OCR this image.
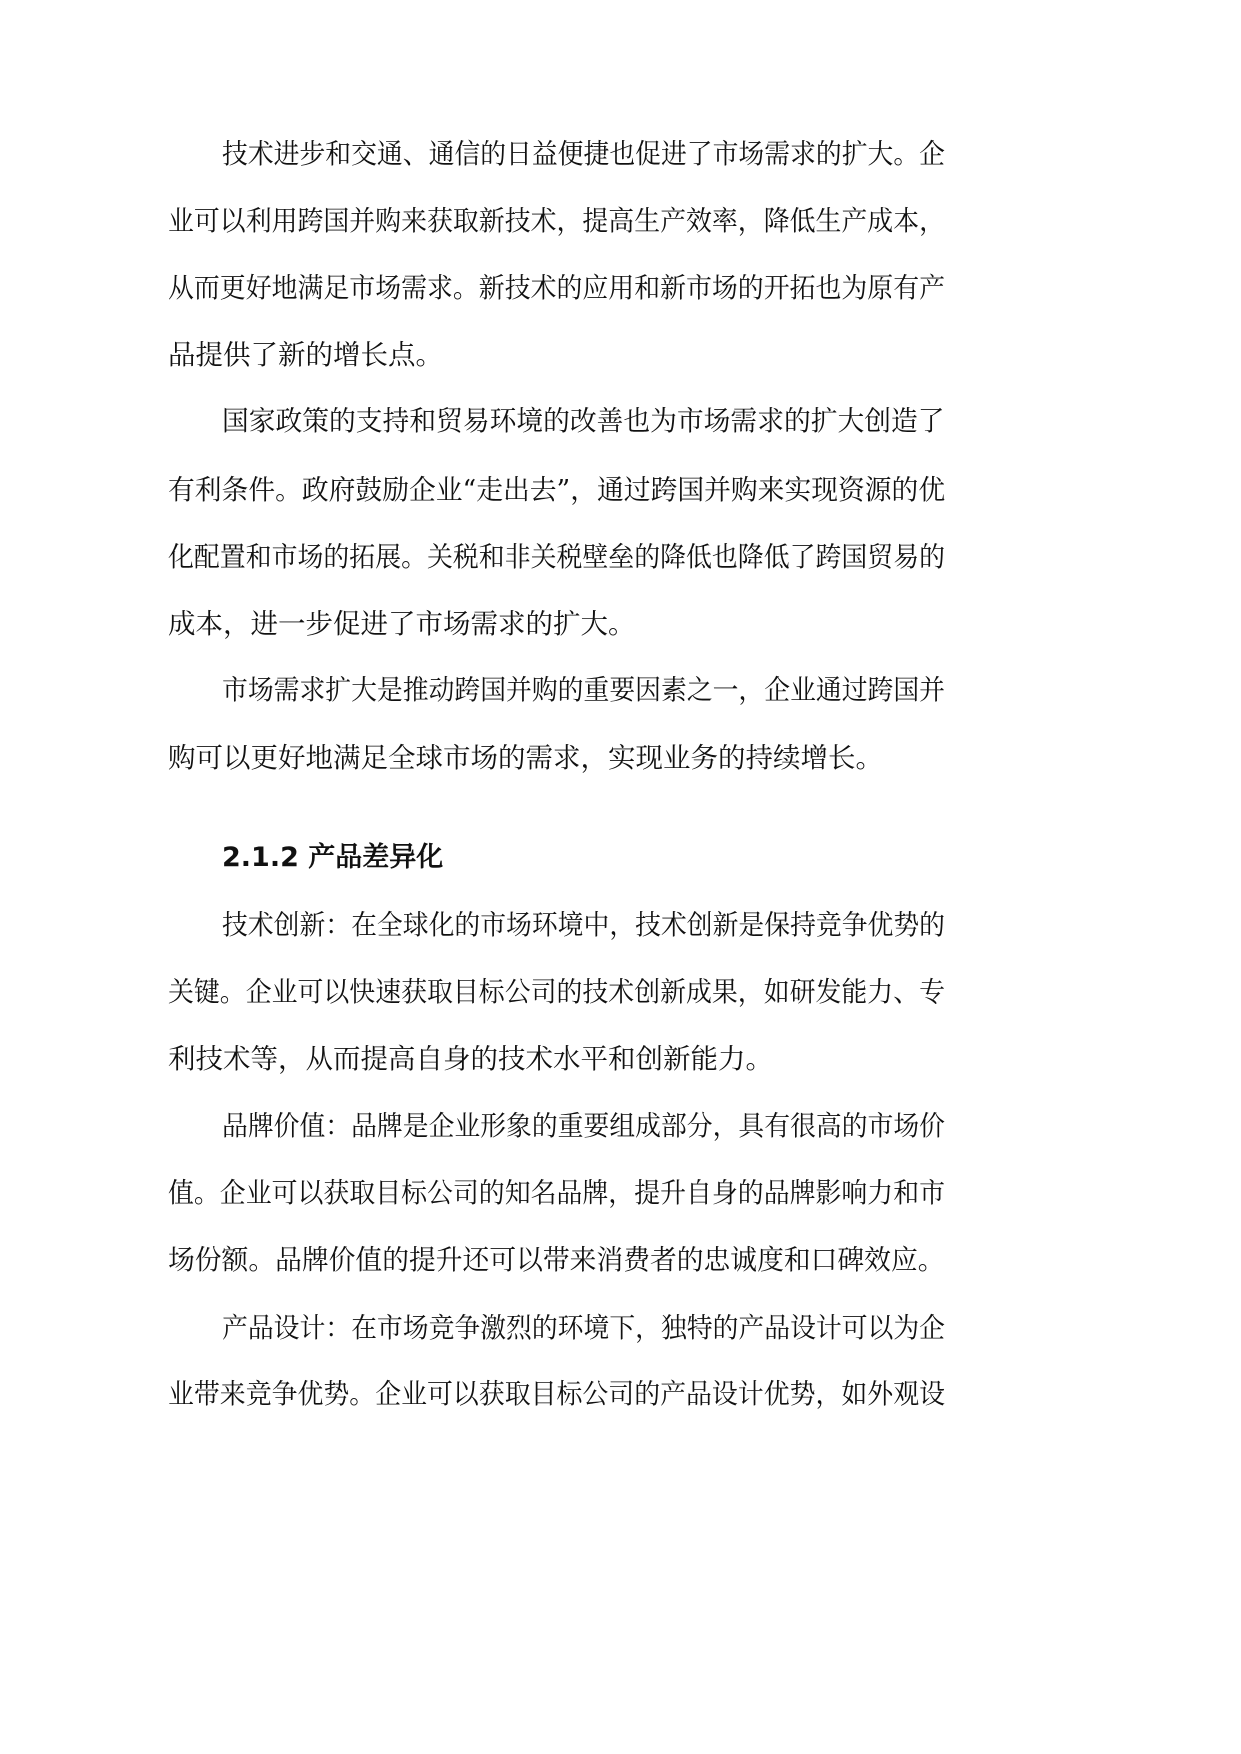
技术进步和交通、通信的日益便捷也促进了市场需求的扩大。企
业可以利用跨国并购来获取新技术，提高生产效率，降低生产成本，
从而更好地满足市场需求。新技术的应用和新市场的开拓也为原有产
品提供了新的增长点。
国家政策的支持和贸易环境的改善也为市场需求的扩大创造了
有利条件。政府鼓励企业“走出去”，通过跨国并购来实现资源的优
化配置和市场的拓展。关税和非关税壁垒的降低也降低了跨国贸易的
成本，进一步促进了市场需求的扩大。
市场需求扩大是推动跨国并购的重要因素之一，企业通过跨国并
购可以更好地满足全球市场的需求，实现业务的持续增长。
2.1.2 产品差异化
技术创新：在全球化的市场环境中，技术创新是保持竞争优势的
关键。企业可以快速获取目标公司的技术创新成果，如研发能力、专
利技术等，从而提高自身的技术水平和创新能力。
品牌价值：品牌是企业形象的重要组成部分，具有很高的市场价
值。企业可以获取目标公司的知名品牌，提升自身的品牌影响力和市
场份额。品牌价值的提升还可以带来消费者的忠诚度和口碑效应。
产品设计：在市场竞争激烈的环境下，独特的产品设计可以为企
业带来竞争优势。企业可以获取目标公司的产品设计优势，如外观设
